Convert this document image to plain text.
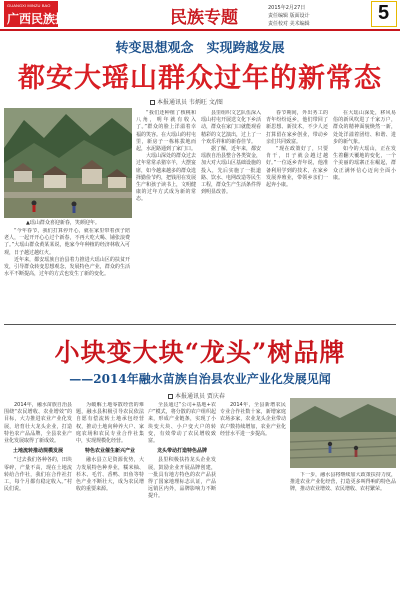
GUANGXI MINZU BAO
广西民族报	民族专题	2015年2月27日
责任编辑 版面设计
责任校对 美术编辑	5
转变思想观念　实现跨越发展
都安大瑶山群众过年的新常态
本报通讯员 韦炳旺 文/图
▲瑶山群众喜迎新春，笑颜迎年。

“今年春节，我们打算停开心，就在家里带着孩子陪老人，一起开开心心过个新春，不再大吃大喝、铺张浪费了。”大瑶山群众黄某某说，他家今年种植的经济林收入可观，日子越过越红火。

近年来，都安瑶族自治县着力推进大瑶山区的扶贫开发，引导群众转变思想观念，发展特色产业，群众的生活水平不断提高，过年的方式也发生了新的变化。

“我们还种植了核桃和八角，明年就有收入了。”群众的脸上洋溢着幸福的笑容。在大瑶山的村屯里，新房子一栋栋拔地而起，水泥路通到了家门口。

大瑶山深处的群众过去过年常常杀猪宰羊，大摆宴席，如今越来越多的群众选择勤俭节约，把钱用在发展生产和孩子读书上，文明健康的过年方式成为新的常态。

县里组织文艺队伍深入瑶山村屯开展送文化下乡活动，群众在家门口就能观看精彩的文艺演出，过上了一个欢乐祥和的新春佳节。

据了解，近年来，都安瑶族自治县整合各类资金，加大对大瑶山区基础设施的投入，先后实施了一批道路、饮水、电网改造等民生工程，群众生产生活条件得到明显改善。

春节期间，外出务工的青年纷纷返乡，他们带回了新思想、新技术，不少人还打算留在家乡创业，带动乡亲们共同致富。

“现在政策好了，只要肯干，日子就会越过越好。”一位返乡青年说，他准备利用学到的技术，在家乡发展养殖业，带领乡亲们一起奔小康。

在大瑶山深处，移风易俗的新风吹进了千家万户，群众的精神面貌焕然一新，处处洋溢着团结、和谐、进步的新气象。

如今的大瑶山，正在发生着翻天覆地的变化，一个个美丽的瑶寨正在崛起，群众正满怀信心迈向全面小康。

小块变大块“龙头”树品牌
——2014年融水苗族自治县农业产业化发展见闻
本报通讯员 贾庆春

2014年，融水苗族自治县围绕“农民增收、农业增效”的目标，大力推进农业产业化发展，培育壮大龙头企业，打造特色农产品品牌，全县农业产业化发展取得了新成效。

土地流转推动规模发展

“过去我们各种各的，田块零碎，产量不高，现在土地流转给合作社，我们在合作社打工，每个月都有稳定收入。”村民们说。

为破解土地零散经营的难题，融水县积极引导农民依法自愿有偿流转土地承包经营权，推动土地向种养大户、家庭农场和农民专业合作社集中，实现规模化经营。

特色农业催生新兴产业

融水县立足资源优势，大力发展特色种养业，糯米柚、杉木、毛竹、香鸭、田鱼等特色产业不断壮大，成为农民增收的重要来源。

全县通过“公司+基地+农户”模式，将分散的农户组织起来，形成产业链条，实现了小块变大块、小户变大户的转变，有效带动了农民增收致富。

龙头带动打造特色品牌

县里积极扶持龙头企业发展，鼓励企业开展品牌创建，一批具有地方特色的农产品获得了国家地理标志认证，产品远销区内外，品牌影响力不断提升。

2014年，全县新增农民专业合作社数十家，新增家庭农场多家，农业龙头企业带动农户数持续增加，农业产业化经营水平进一步提高。

下一步，融水县将继续加大政策扶持力度，推进农业产业化经营，打造更多叫得响的特色品牌，推动农业增效、农民增收、农村繁荣。
